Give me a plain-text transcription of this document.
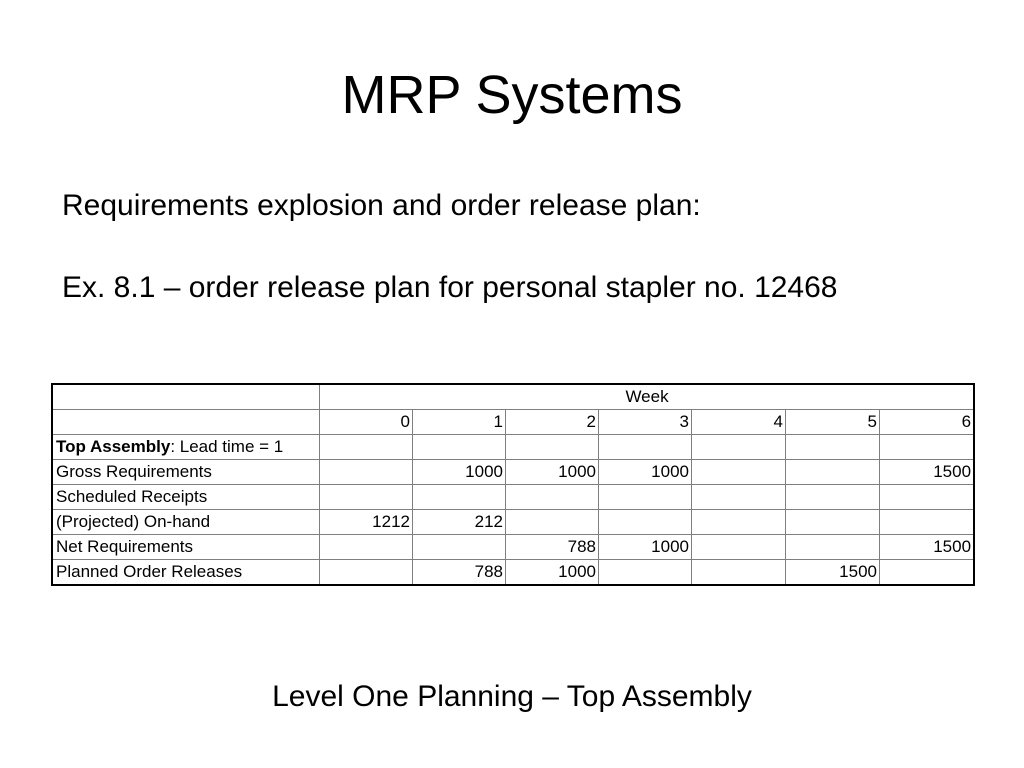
MRP Systems
Requirements explosion and order release plan:
Ex. 8.1 – order release plan for personal stapler no. 12468
	Week						
	0	1	2	3	4	5	6
Top Assembly: Lead time = 1							
Gross Requirements		1000	1000	1000			1500
Scheduled Receipts							
(Projected) On-hand	1212	212					
Net Requirements			788	1000			1500
Planned Order Releases		788	1000			1500	
Level One Planning – Top Assembly
